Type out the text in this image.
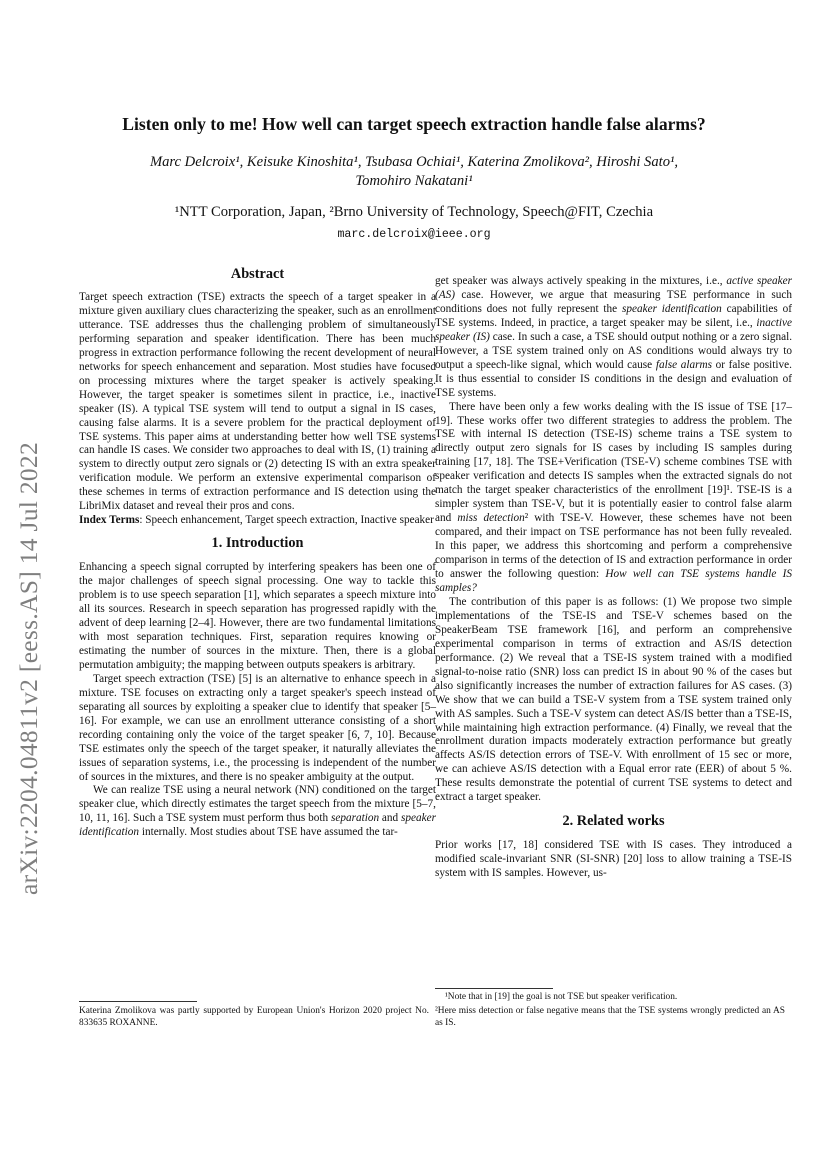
arXiv:2204.04811v2 [eess.AS] 14 Jul 2022
Listen only to me! How well can target speech extraction handle false alarms?
Marc Delcroix¹, Keisuke Kinoshita¹, Tsubasa Ochiai¹, Katerina Zmolikova², Hiroshi Sato¹,
Tomohiro Nakatani¹
¹NTT Corporation, Japan, ²Brno University of Technology, Speech@FIT, Czechia
marc.delcroix@ieee.org
Abstract

Target speech extraction (TSE) extracts the speech of a target speaker in a mixture given auxiliary clues characterizing the speaker, such as an enrollment utterance. TSE addresses thus the challenging problem of simultaneously performing separation and speaker identification. There has been much progress in extraction performance following the recent development of neural networks for speech enhancement and separation. Most studies have focused on processing mixtures where the target speaker is actively speaking. However, the target speaker is sometimes silent in practice, i.e., inactive speaker (IS). A typical TSE system will tend to output a signal in IS cases, causing false alarms. It is a severe problem for the practical deployment of TSE systems. This paper aims at understanding better how well TSE systems can handle IS cases. We consider two approaches to deal with IS, (1) training a system to directly output zero signals or (2) detecting IS with an extra speaker verification module. We perform an extensive experimental comparison of these schemes in terms of extraction performance and IS detection using the LibriMix dataset and reveal their pros and cons.

Index Terms: Speech enhancement, Target speech extraction, Inactive speaker

1. Introduction

Enhancing a speech signal corrupted by interfering speakers has been one of the major challenges of speech signal processing. One way to tackle this problem is to use speech separation [1], which separates a speech mixture into all its sources. Research in speech separation has progressed rapidly with the advent of deep learning [2–4]. However, there are two fundamental limitations with most separation techniques. First, separation requires knowing or estimating the number of sources in the mixture. Then, there is a global permutation ambiguity; the mapping between outputs speakers is arbitrary.

Target speech extraction (TSE) [5] is an alternative to enhance speech in a mixture. TSE focuses on extracting only a target speaker's speech instead of separating all sources by exploiting a speaker clue to identify that speaker [5–16]. For example, we can use an enrollment utterance consisting of a short recording containing only the voice of the target speaker [6, 7, 10]. Because TSE estimates only the speech of the target speaker, it naturally alleviates the issues of separation systems, i.e., the processing is independent of the number of sources in the mixtures, and there is no speaker ambiguity at the output.

We can realize TSE using a neural network (NN) conditioned on the target speaker clue, which directly estimates the target speech from the mixture [5–7, 10, 11, 16]. Such a TSE system must perform thus both separation and speaker identification internally. Most studies about TSE have assumed the tar-

Katerina Zmolikova was partly supported by European Union's Horizon 2020 project No. 833635 ROXANNE.

get speaker was always actively speaking in the mixtures, i.e., active speaker (AS) case. However, we argue that measuring TSE performance in such conditions does not fully represent the speaker identification capabilities of TSE systems. Indeed, in practice, a target speaker may be silent, i.e., inactive speaker (IS) case. In such a case, a TSE should output nothing or a zero signal. However, a TSE system trained only on AS conditions would always try to output a speech-like signal, which would cause false alarms or false positive. It is thus essential to consider IS conditions in the design and evaluation of TSE systems.

There have been only a few works dealing with the IS issue of TSE [17–19]. These works offer two different strategies to address the problem. The TSE with internal IS detection (TSE-IS) scheme trains a TSE system to directly output zero signals for IS cases by including IS samples during training [17, 18]. The TSE+Verification (TSE-V) scheme combines TSE with speaker verification and detects IS samples when the extracted signals do not match the target speaker characteristics of the enrollment [19]¹. TSE-IS is a simpler system than TSE-V, but it is potentially easier to control false alarm and miss detection² with TSE-V. However, these schemes have not been compared, and their impact on TSE performance has not been fully revealed. In this paper, we address this shortcoming and perform a comprehensive comparison in terms of the detection of IS and extraction performance in order to answer the following question: How well can TSE systems handle IS samples?

The contribution of this paper is as follows: (1) We propose two simple implementations of the TSE-IS and TSE-V schemes based on the SpeakerBeam TSE framework [16], and perform an comprehensive experimental comparison in terms of extraction and AS/IS detection performance. (2) We reveal that a TSE-IS system trained with a modified signal-to-noise ratio (SNR) loss can predict IS in about 90 % of the cases but also significantly increases the number of extraction failures for AS cases. (3) We show that we can build a TSE-V system from a TSE system trained only with AS samples. Such a TSE-V system can detect AS/IS better than a TSE-IS, while maintaining high extraction performance. (4) Finally, we reveal that the enrollment duration impacts moderately extraction performance but greatly affects AS/IS detection errors of TSE-V. With enrollment of 15 sec or more, we can achieve AS/IS detection with a Equal error rate (EER) of about 5 %. These results demonstrate the potential of current TSE systems to detect and extract a target speaker.

2. Related works

Prior works [17, 18] considered TSE with IS cases. They introduced a modified scale-invariant SNR (SI-SNR) [20] loss to allow training a TSE-IS system with IS samples. However, us-

¹Note that in [19] the goal is not TSE but speaker verification.
²Here miss detection or false negative means that the TSE systems wrongly predicted an AS as IS.
